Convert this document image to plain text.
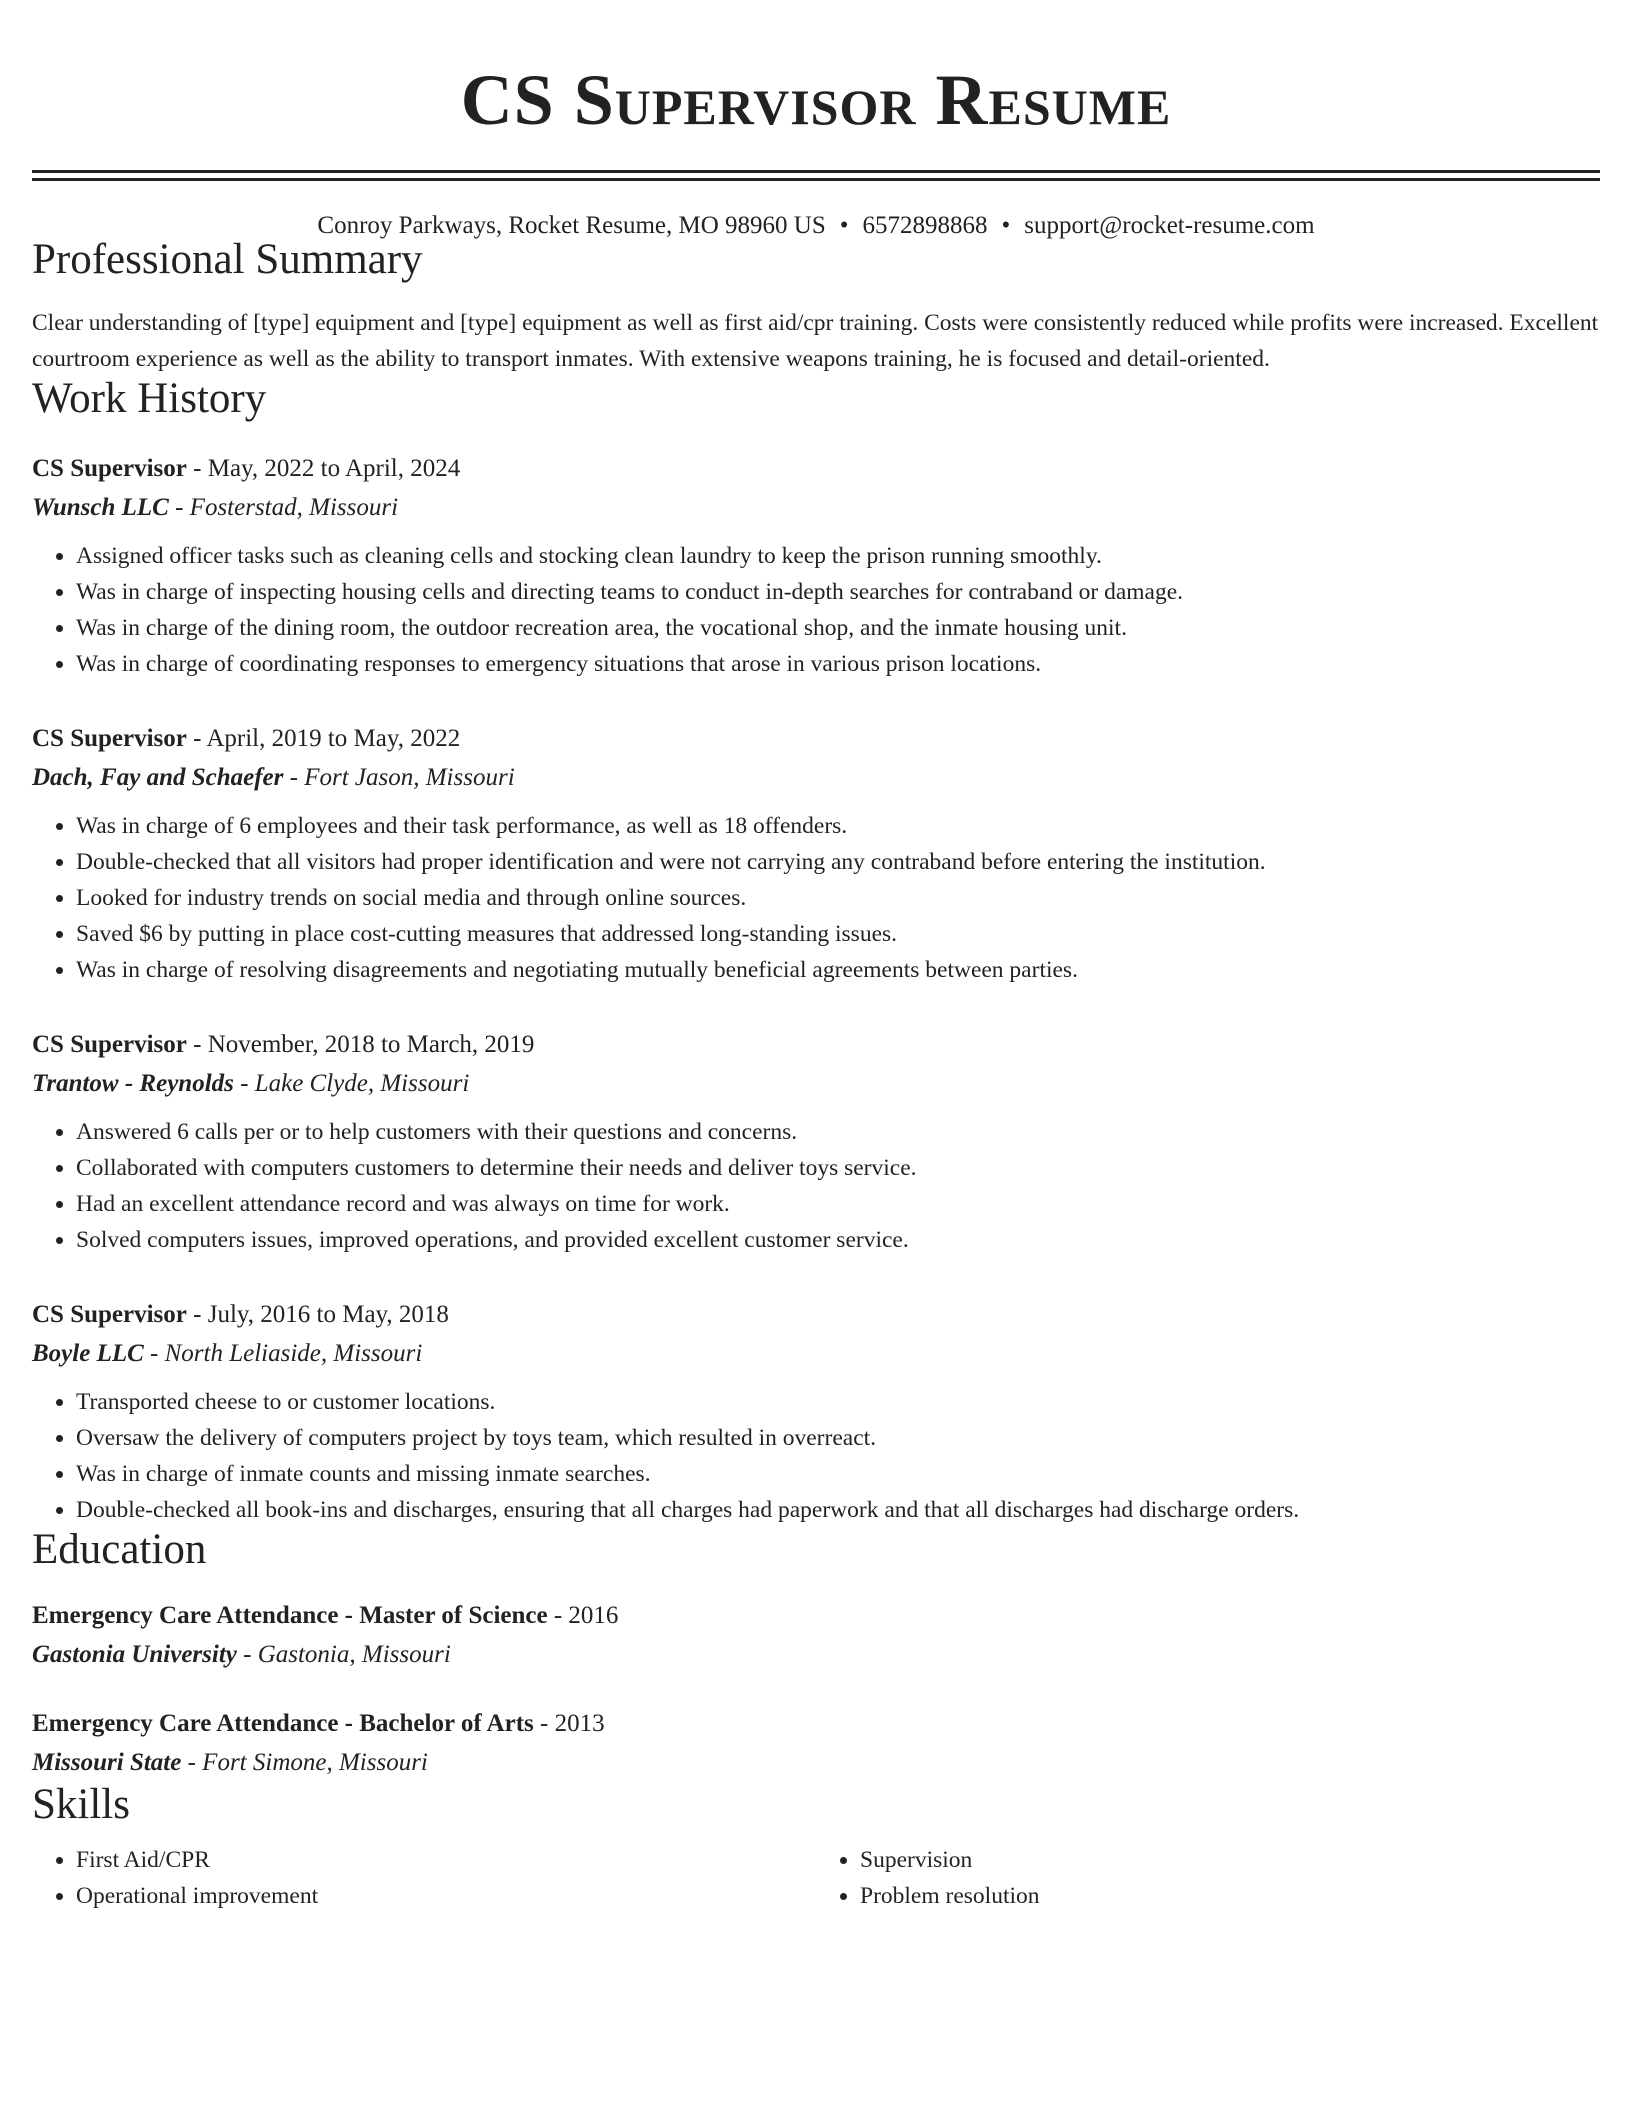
CS Supervisor Resume
Conroy Parkways, Rocket Resume, MO 98960 US • 6572898868 • support@rocket-resume.com
Professional Summary

Clear understanding of [type] equipment and [type] equipment as well as first aid/cpr training. Costs were consistently reduced while profits were increased. Excellent courtroom experience as well as the ability to transport inmates. With extensive weapons training, he is focused and detail-oriented.

Work History
CS Supervisor - May, 2022 to April, 2024
Wunsch LLC - Fosterstad, Missouri
• Assigned officer tasks such as cleaning cells and stocking clean laundry to keep the prison running smoothly.
• Was in charge of inspecting housing cells and directing teams to conduct in-depth searches for contraband or damage.
• Was in charge of the dining room, the outdoor recreation area, the vocational shop, and the inmate housing unit.
• Was in charge of coordinating responses to emergency situations that arose in various prison locations.
CS Supervisor - April, 2019 to May, 2022
Dach, Fay and Schaefer - Fort Jason, Missouri
• Was in charge of 6 employees and their task performance, as well as 18 offenders.
• Double-checked that all visitors had proper identification and were not carrying any contraband before entering the institution.
• Looked for industry trends on social media and through online sources.
• Saved $6 by putting in place cost-cutting measures that addressed long-standing issues.
• Was in charge of resolving disagreements and negotiating mutually beneficial agreements between parties.
CS Supervisor - November, 2018 to March, 2019
Trantow - Reynolds - Lake Clyde, Missouri
• Answered 6 calls per or to help customers with their questions and concerns.
• Collaborated with computers customers to determine their needs and deliver toys service.
• Had an excellent attendance record and was always on time for work.
• Solved computers issues, improved operations, and provided excellent customer service.
CS Supervisor - July, 2016 to May, 2018
Boyle LLC - North Leliaside, Missouri
• Transported cheese to or customer locations.
• Oversaw the delivery of computers project by toys team, which resulted in overreact.
• Was in charge of inmate counts and missing inmate searches.
• Double-checked all book-ins and discharges, ensuring that all charges had paperwork and that all discharges had discharge orders.
Education
Emergency Care Attendance - Master of Science - 2016
Gastonia University - Gastonia, Missouri
Emergency Care Attendance - Bachelor of Arts - 2013
Missouri State - Fort Simone, Missouri
Skills
• First Aid/CPR
• Operational improvement
• Supervision
• Problem resolution
